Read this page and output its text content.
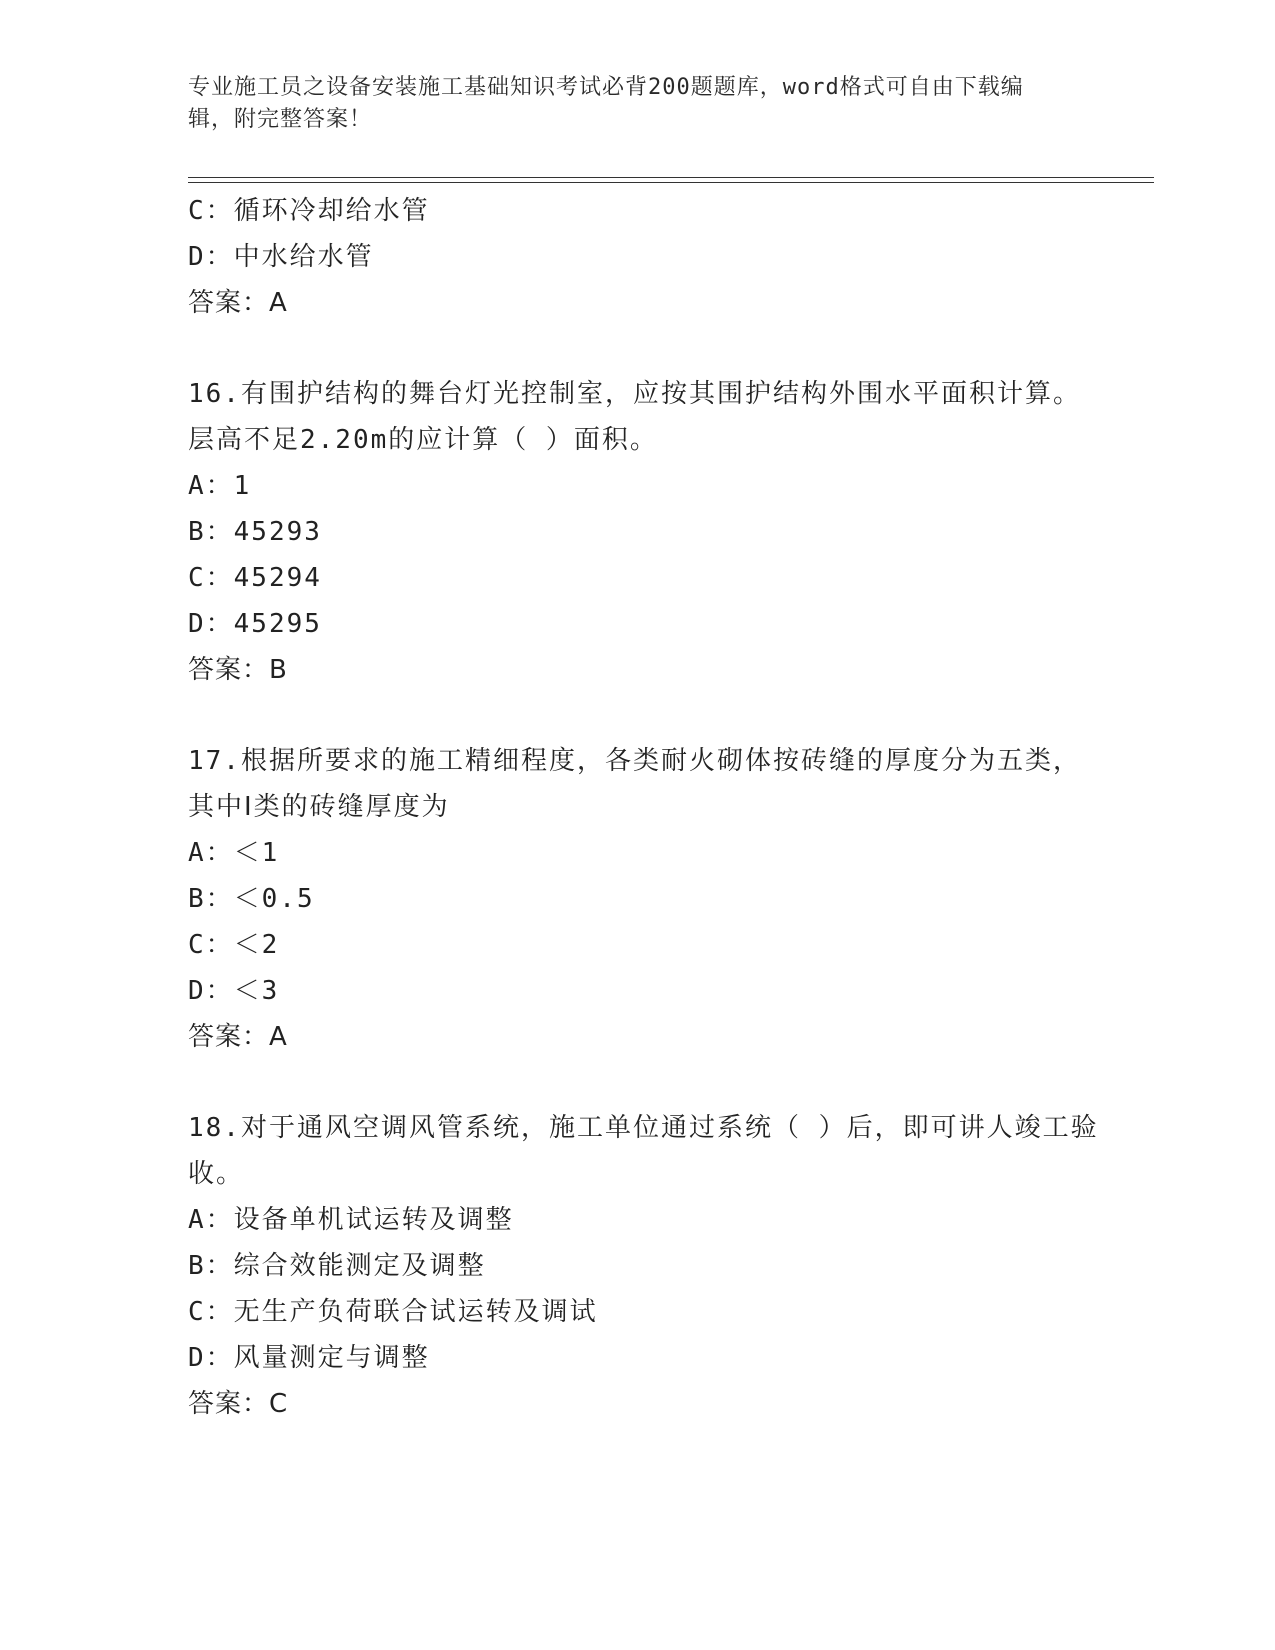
专业施工员之设备安装施工基础知识考试必背200题题库，word格式可自由下载编辑，附完整答案！
C：循环冷却给水管
D：中水给水管
答案：A
16.有围护结构的舞台灯光控制室，应按其围护结构外围水平面积计算。层高不足2.20m的应计算（ ）面积。
A：1
B：45293
C：45294
D：45295
答案：B
17.根据所要求的施工精细程度，各类耐火砌体按砖缝的厚度分为五类，其中Ⅰ类的砖缝厚度为
A：＜1
B：＜0.5
C：＜2
D：＜3
答案：A
18.对于通风空调风管系统，施工单位通过系统（ ）后，即可讲人竣工验收。
A：设备单机试运转及调整
B：综合效能测定及调整
C：无生产负荷联合试运转及调试
D：风量测定与调整
答案：C
